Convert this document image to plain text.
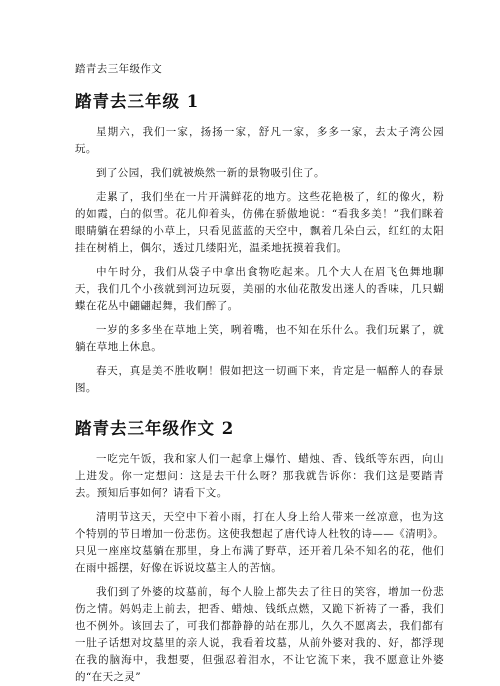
踏青去三年级作文
踏青去三年级 1

星期六，我们一家，扬扬一家，舒凡一家，多多一家，去太子湾公园玩。

到了公园，我们就被焕然一新的景物吸引住了。

走累了，我们坐在一片开满鲜花的地方。这些花艳极了，红的像火，粉的如霞，白的似雪。花儿仰着头，仿佛在骄傲地说：“看我多美！”我们眯着眼睛躺在碧绿的小草上，只看见蓝蓝的天空中，飘着几朵白云，红红的太阳挂在树梢上，偶尔，透过几缕阳光，温柔地抚摸着我们。

中午时分，我们从袋子中拿出食物吃起来。几个大人在眉飞色舞地聊天，我们几个小孩就到河边玩耍，美丽的水仙花散发出迷人的香味，几只蝴蝶在花丛中翩翩起舞，我们醉了。

一岁的多多坐在草地上笑，咧着嘴，也不知在乐什么。我们玩累了，就躺在草地上休息。

春天，真是美不胜收啊！假如把这一切画下来，肯定是一幅醉人的春景图。

踏青去三年级作文 2

一吃完午饭，我和家人们一起拿上爆竹、蜡烛、香、钱纸等东西，向山上进发。你一定想问：这是去干什么呀？那我就告诉你：我们这是要踏青去。预知后事如何？请看下文。

清明节这天，天空中下着小雨，打在人身上给人带来一丝凉意，也为这个特别的节日增加一份悲伤。这使我想起了唐代诗人杜牧的诗——《清明》。只见一座座坟墓躺在那里，身上布满了野草，还开着几朵不知名的花，他们在雨中摇摆，好像在诉说坟墓主人的苦恼。

我们到了外婆的坟墓前，每个人脸上都失去了往日的笑容，增加一份悲伤之情。妈妈走上前去，把香、蜡烛、钱纸点燃，又跪下祈祷了一番，我们也不例外。该回去了，可我们都静静的站在那儿，久久不愿离去，我们都有一肚子话想对坟墓里的亲人说，我看着坟墓，从前外婆对我的、好，都浮现在我的脑海中，我想要，但强忍着泪水，不让它流下来，我不愿意让外婆的“在天之灵”
